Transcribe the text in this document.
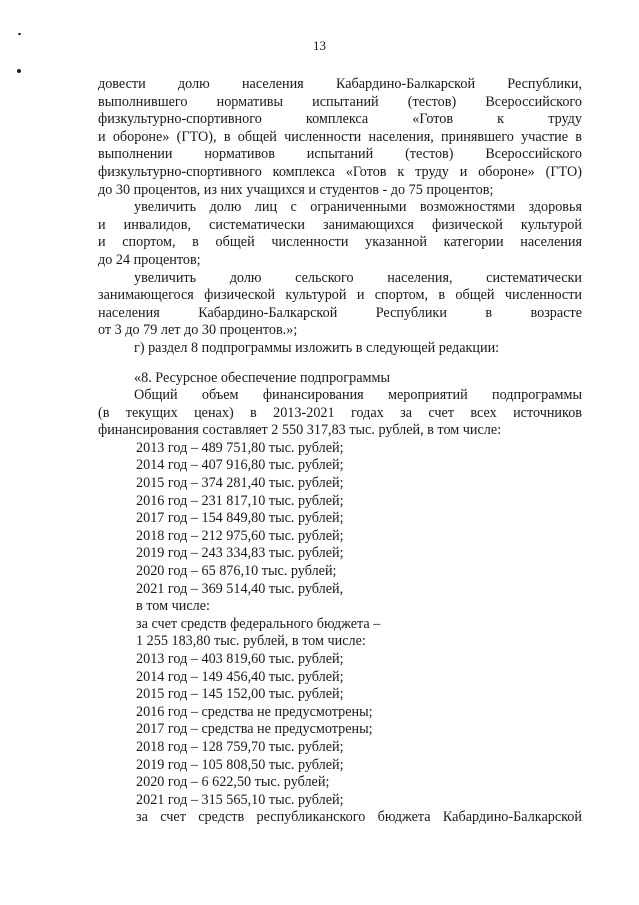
13
довести долю населения Кабардино-Балкарской Республики,
выполнившего нормативы испытаний (тестов) Всероссийского
физкультурно-спортивного комплекса «Готов к труду
и обороне» (ГТО), в общей численности населения, принявшего участие в
выполнении нормативов испытаний (тестов) Всероссийского
физкультурно-спортивного комплекса «Готов к труду и обороне» (ГТО)
до 30 процентов, из них учащихся и студентов - до 75 процентов;
увеличить долю лиц с ограниченными возможностями здоровья
и инвалидов, систематически занимающихся физической культурой
и спортом, в общей численности указанной категории населения
до 24 процентов;
увеличить долю сельского населения, систематически
занимающегося физической культурой и спортом, в общей численности
населения Кабардино-Балкарской Республики в возрасте
от 3 до 79 лет до 30 процентов.»;
г) раздел 8 подпрограммы изложить в следующей редакции:
«8. Ресурсное обеспечение подпрограммы
Общий объем финансирования мероприятий подпрограммы
(в текущих ценах) в 2013-2021 годах за счет всех источников
финансирования составляет 2 550 317,83 тыс. рублей, в том числе:
2013 год – 489 751,80 тыс. рублей;
2014 год – 407 916,80 тыс. рублей;
2015 год – 374 281,40 тыс. рублей;
2016 год – 231 817,10 тыс. рублей;
2017 год – 154 849,80 тыс. рублей;
2018 год – 212 975,60 тыс. рублей;
2019 год – 243 334,83 тыс. рублей;
2020 год – 65 876,10 тыс. рублей;
2021 год – 369 514,40 тыс. рублей,
в том числе:
за счет средств федерального бюджета –
1 255 183,80 тыс. рублей, в том числе:
2013 год – 403 819,60 тыс. рублей;
2014 год – 149 456,40 тыс. рублей;
2015 год – 145 152,00 тыс. рублей;
2016 год – средства не предусмотрены;
2017 год – средства не предусмотрены;
2018 год – 128 759,70 тыс. рублей;
2019 год – 105 808,50 тыс. рублей;
2020 год – 6 622,50 тыс. рублей;
2021 год – 315 565,10 тыс. рублей;
за счет средств республиканского бюджета Кабардино-Балкарской
